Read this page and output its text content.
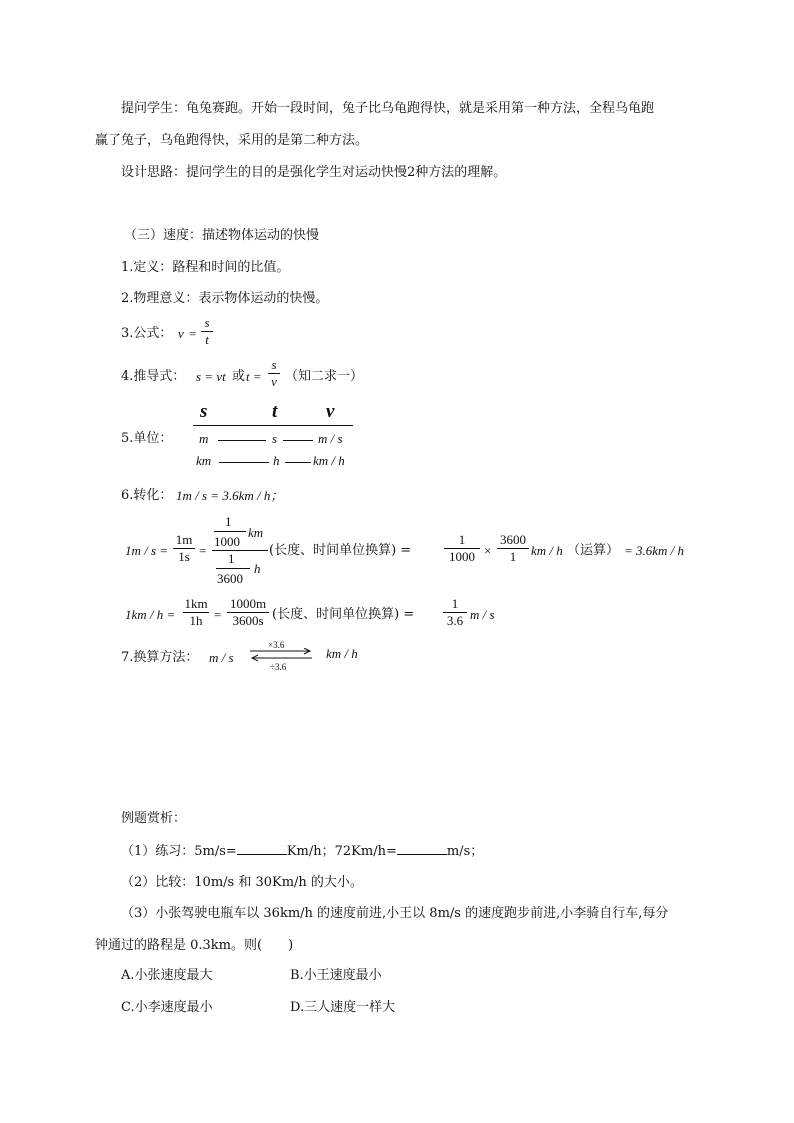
提问学生：龟兔赛跑。开始一段时间，兔子比乌龟跑得快，就是采用第一种方法，全程乌龟跑
赢了兔子，乌龟跑得快，采用的是第二种方法。
设计思路：提问学生的目的是强化学生对运动快慢2种方法的理解。
（三）速度：描述物体运动的快慢
1.定义：路程和时间的比值。
2.物理意义：表示物体运动的快慢。
3.公式： v =
s
t
4.推导式： s = vt 或 t =
s
v （知二求一）
5.单位：
s	t	v
m	s	m / s
km	h	km / h
6.转化： 1m / s = 3.6km / h；
1m / s =
1m
1s =
1
1000
km
1
3600
h
(长度、时间单位换算) =
1
1000 ×
3600
1	km / h （运算） = 3.6km / h
1km / h =
1km
1h =
1000m
3600s (长度、时间单位换算) =
1
3.6 m / s
7.换算方法： m / s
×3.6
÷3.6
km / h
例题赏析：
（1）练习：5m/s=	Km/h；72Km/h=	m/s；
（2）比较：10m/s 和 30Km/h 的大小。
（3）小张驾驶电瓶车以 36km/h 的速度前进,小王以 8m/s 的速度跑步前进,小李骑自行车,每分
钟通过的路程是 0.3km。则(　　)
A.小张速度最大	B.小王速度最小
C.小李速度最小	D.三人速度一样大
